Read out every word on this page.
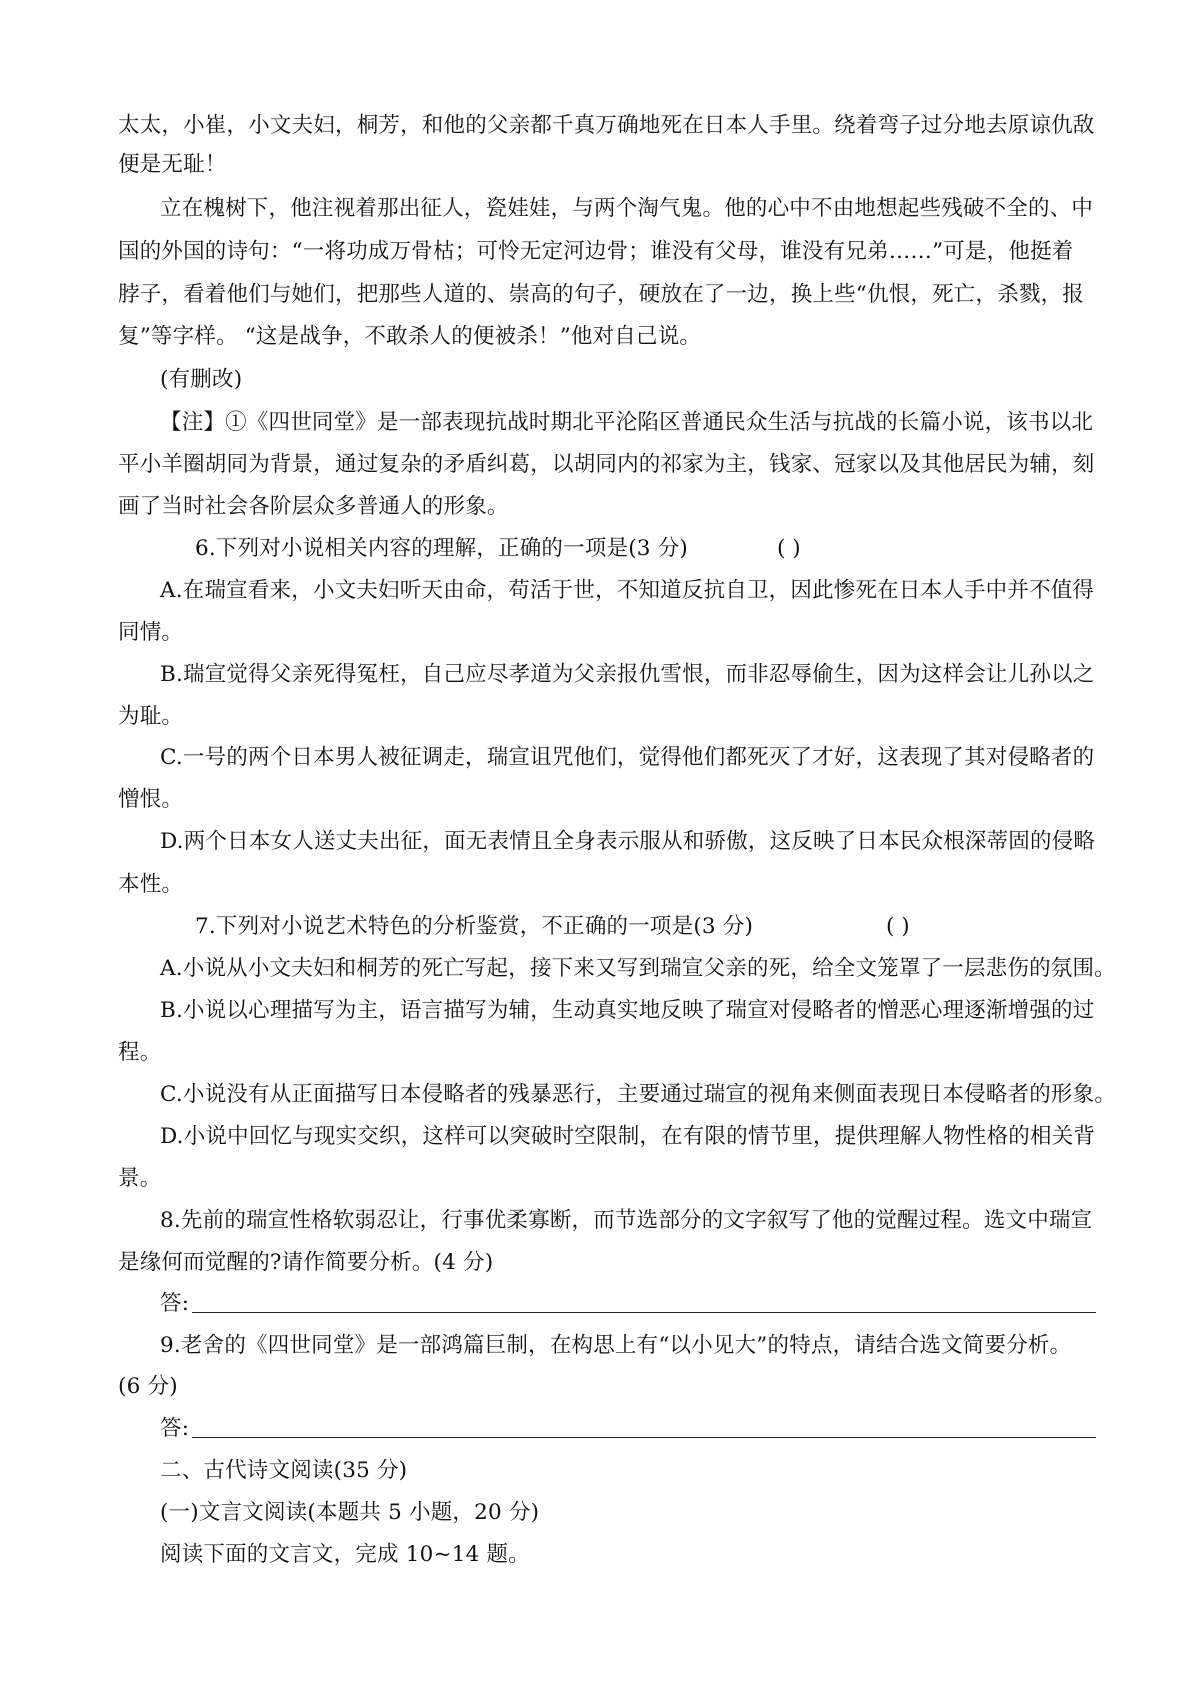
太太，小崔，小文夫妇，桐芳，和他的父亲都千真万确地死在日本人手里。绕着弯子过分地去原谅仇敌
便是无耻！
立在槐树下，他注视着那出征人，瓷娃娃，与两个淘气鬼。他的心中不由地想起些残破不全的、中
国的外国的诗句：“一将功成万骨枯；可怜无定河边骨；谁没有父母，谁没有兄弟……”可是，他挺着
脖子，看着他们与她们，把那些人道的、崇高的句子，硬放在了一边，换上些“仇恨，死亡，杀戮，报
复”等字样。 “这是战争，不敢杀人的便被杀！”他对自己说。
(有删改)
【注】①《四世同堂》是一部表现抗战时期北平沦陷区普通民众生活与抗战的长篇小说，该书以北
平小羊圈胡同为背景，通过复杂的矛盾纠葛，以胡同内的祁家为主，钱家、冠家以及其他居民为辅，刻
画了当时社会各阶层众多普通人的形象。
6.下列对小说相关内容的理解，正确的一项是(3 分)	( )
A.在瑞宣看来，小文夫妇听天由命，苟活于世，不知道反抗自卫，因此惨死在日本人手中并不值得
同情。
B.瑞宣觉得父亲死得冤枉，自己应尽孝道为父亲报仇雪恨，而非忍辱偷生，因为这样会让儿孙以之
为耻。
C.一号的两个日本男人被征调走，瑞宣诅咒他们，觉得他们都死灭了才好，这表现了其对侵略者的
憎恨。
D.两个日本女人送丈夫出征，面无表情且全身表示服从和骄傲，这反映了日本民众根深蒂固的侵略
本性。
7.下列对小说艺术特色的分析鉴赏，不正确的一项是(3 分)	( )
A.小说从小文夫妇和桐芳的死亡写起，接下来又写到瑞宣父亲的死，给全文笼罩了一层悲伤的氛围。
B.小说以心理描写为主，语言描写为辅，生动真实地反映了瑞宣对侵略者的憎恶心理逐渐增强的过
程。
C.小说没有从正面描写日本侵略者的残暴恶行，主要通过瑞宣的视角来侧面表现日本侵略者的形象。
D.小说中回忆与现实交织，这样可以突破时空限制，在有限的情节里，提供理解人物性格的相关背
景。
8.先前的瑞宣性格软弱忍让，行事优柔寡断，而节选部分的文字叙写了他的觉醒过程。选文中瑞宣
是缘何而觉醒的?请作简要分析。(4 分)
答:
9.老舍的《四世同堂》是一部鸿篇巨制，在构思上有“以小见大”的特点，请结合选文简要分析。
(6 分)
答:
二、古代诗文阅读(35 分)
(一)文言文阅读(本题共 5 小题，20 分)
阅读下面的文言文，完成 10~14 题。
